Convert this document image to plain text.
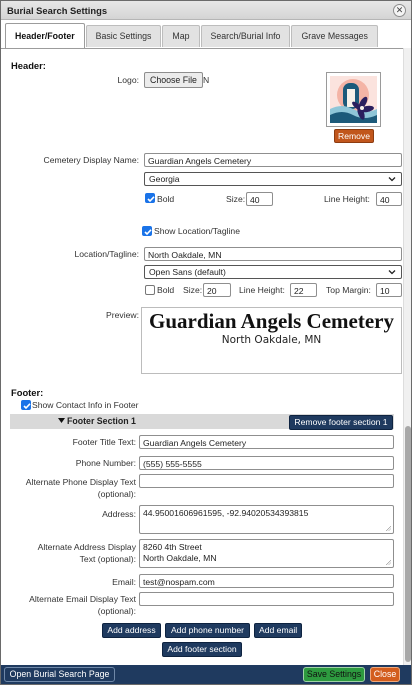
Burial Search Settings	✕
Header/Footer	Basic Settings	Map	Search/Burial Info	Grave Messages
Header:
Logo:	Choose File N
Remove
Cemetery Display Name:	Guardian Angels Cemetery
Georgia
Bold	Size: 40	Line Height:	40
Show Location/Tagline
Location/Tagline:	North Oakdale, MN
Open Sans (default)
Bold Size: 20	Line Height:	22	Top Margin:	10
Preview: Guardian Angels Cemetery
North Oakdale, MN
Footer:
Show Contact Info in Footer
Footer Section 1	Remove footer section 1
Footer Title Text: Guardian Angels Cemetery
Phone Number: (555) 555-5555
Alternate Phone Display Text
(optional):
Address: 44.95001606961595, -92.94020534393815
Alternate Address Display
Text (optional):
8260 4th Street
North Oakdale, MN
Email: test@nospam.com
Alternate Email Display Text
(optional):
Add address	Add phone number	Add email
Add footer section
Open Burial Search Page	Save Settings	Close
